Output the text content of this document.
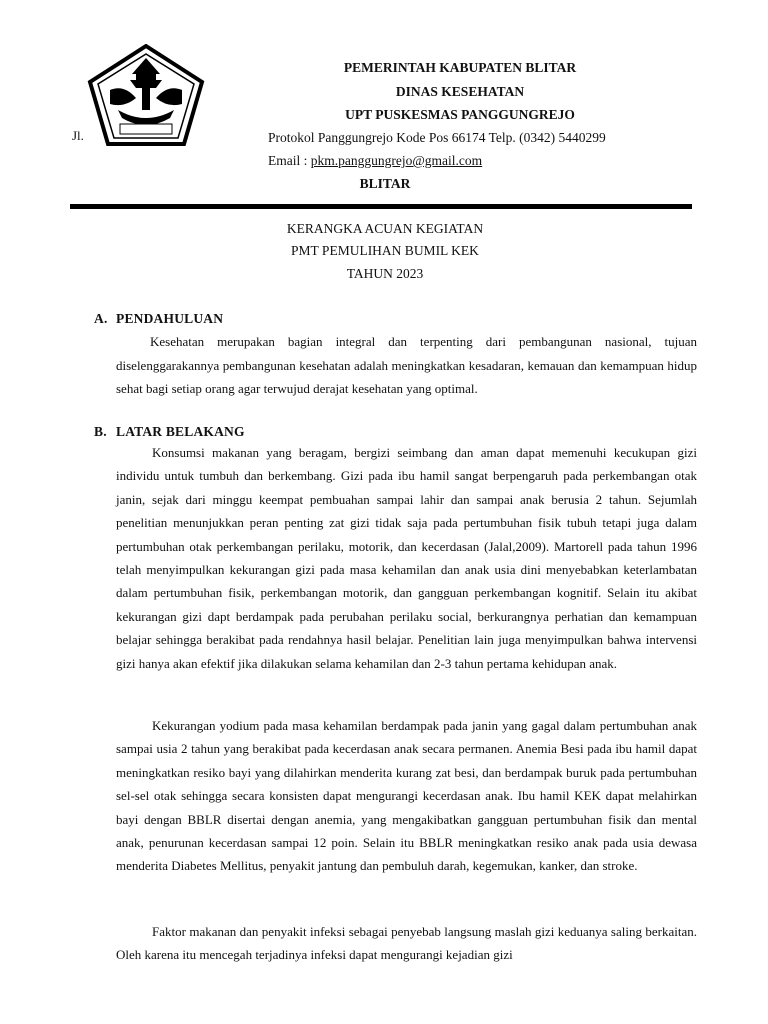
Jl.
PEMERINTAH KABUPATEN BLITAR
DINAS KESEHATAN
UPT PUSKESMAS PANGGUNGREJO
Protokol Panggungrejo Kode Pos 66174 Telp. (0342) 5440299
Email : pkm.panggungrejo@gmail.com
BLITAR
KERANGKA ACUAN KEGIATAN
PMT PEMULIHAN BUMIL KEK
TAHUN 2023
A. PENDAHULUAN
Kesehatan merupakan bagian integral dan terpenting dari pembangunan nasional, tujuan diselenggarakannya pembangunan kesehatan adalah meningkatkan kesadaran, kemauan dan kemampuan hidup sehat bagi setiap orang agar terwujud derajat kesehatan yang optimal.
B. LATAR BELAKANG
Konsumsi makanan yang beragam, bergizi seimbang dan aman dapat memenuhi kecukupan gizi individu untuk tumbuh dan berkembang. Gizi pada ibu hamil sangat berpengaruh pada perkembangan otak janin, sejak dari minggu keempat pembuahan sampai lahir dan sampai anak berusia 2 tahun. Sejumlah penelitian menunjukkan peran penting zat gizi tidak saja pada pertumbuhan fisik tubuh tetapi juga dalam pertumbuhan otak perkembangan perilaku, motorik, dan kecerdasan (Jalal,2009). Martorell pada tahun 1996 telah menyimpulkan kekurangan gizi pada masa kehamilan dan anak usia dini menyebabkan keterlambatan dalam pertumbuhan fisik, perkembangan motorik, dan gangguan perkembangan kognitif. Selain itu akibat kekurangan gizi dapt berdampak pada perubahan perilaku social, berkurangnya perhatian dan kemampuan belajar sehingga berakibat pada rendahnya hasil belajar. Penelitian lain juga menyimpulkan bahwa intervensi gizi hanya akan efektif jika dilakukan selama kehamilan dan 2-3 tahun pertama kehidupan anak.
Kekurangan yodium pada masa kehamilan berdampak pada janin yang gagal dalam pertumbuhan anak sampai usia 2 tahun yang berakibat pada kecerdasan anak secara permanen. Anemia Besi pada ibu hamil dapat meningkatkan resiko bayi yang dilahirkan menderita kurang zat besi, dan berdampak buruk pada pertumbuhan sel-sel otak sehingga secara konsisten dapat mengurangi kecerdasan anak. Ibu hamil KEK dapat melahirkan bayi dengan BBLR disertai dengan anemia, yang mengakibatkan gangguan pertumbuhan fisik dan mental anak, penurunan kecerdasan sampai 12 poin. Selain itu BBLR meningkatkan resiko anak pada usia dewasa menderita Diabetes Mellitus, penyakit jantung dan pembuluh darah, kegemukan, kanker, dan stroke.
Faktor makanan dan penyakit infeksi sebagai penyebab langsung maslah gizi keduanya saling berkaitan. Oleh karena itu mencegah terjadinya infeksi dapat mengurangi kejadian gizi
